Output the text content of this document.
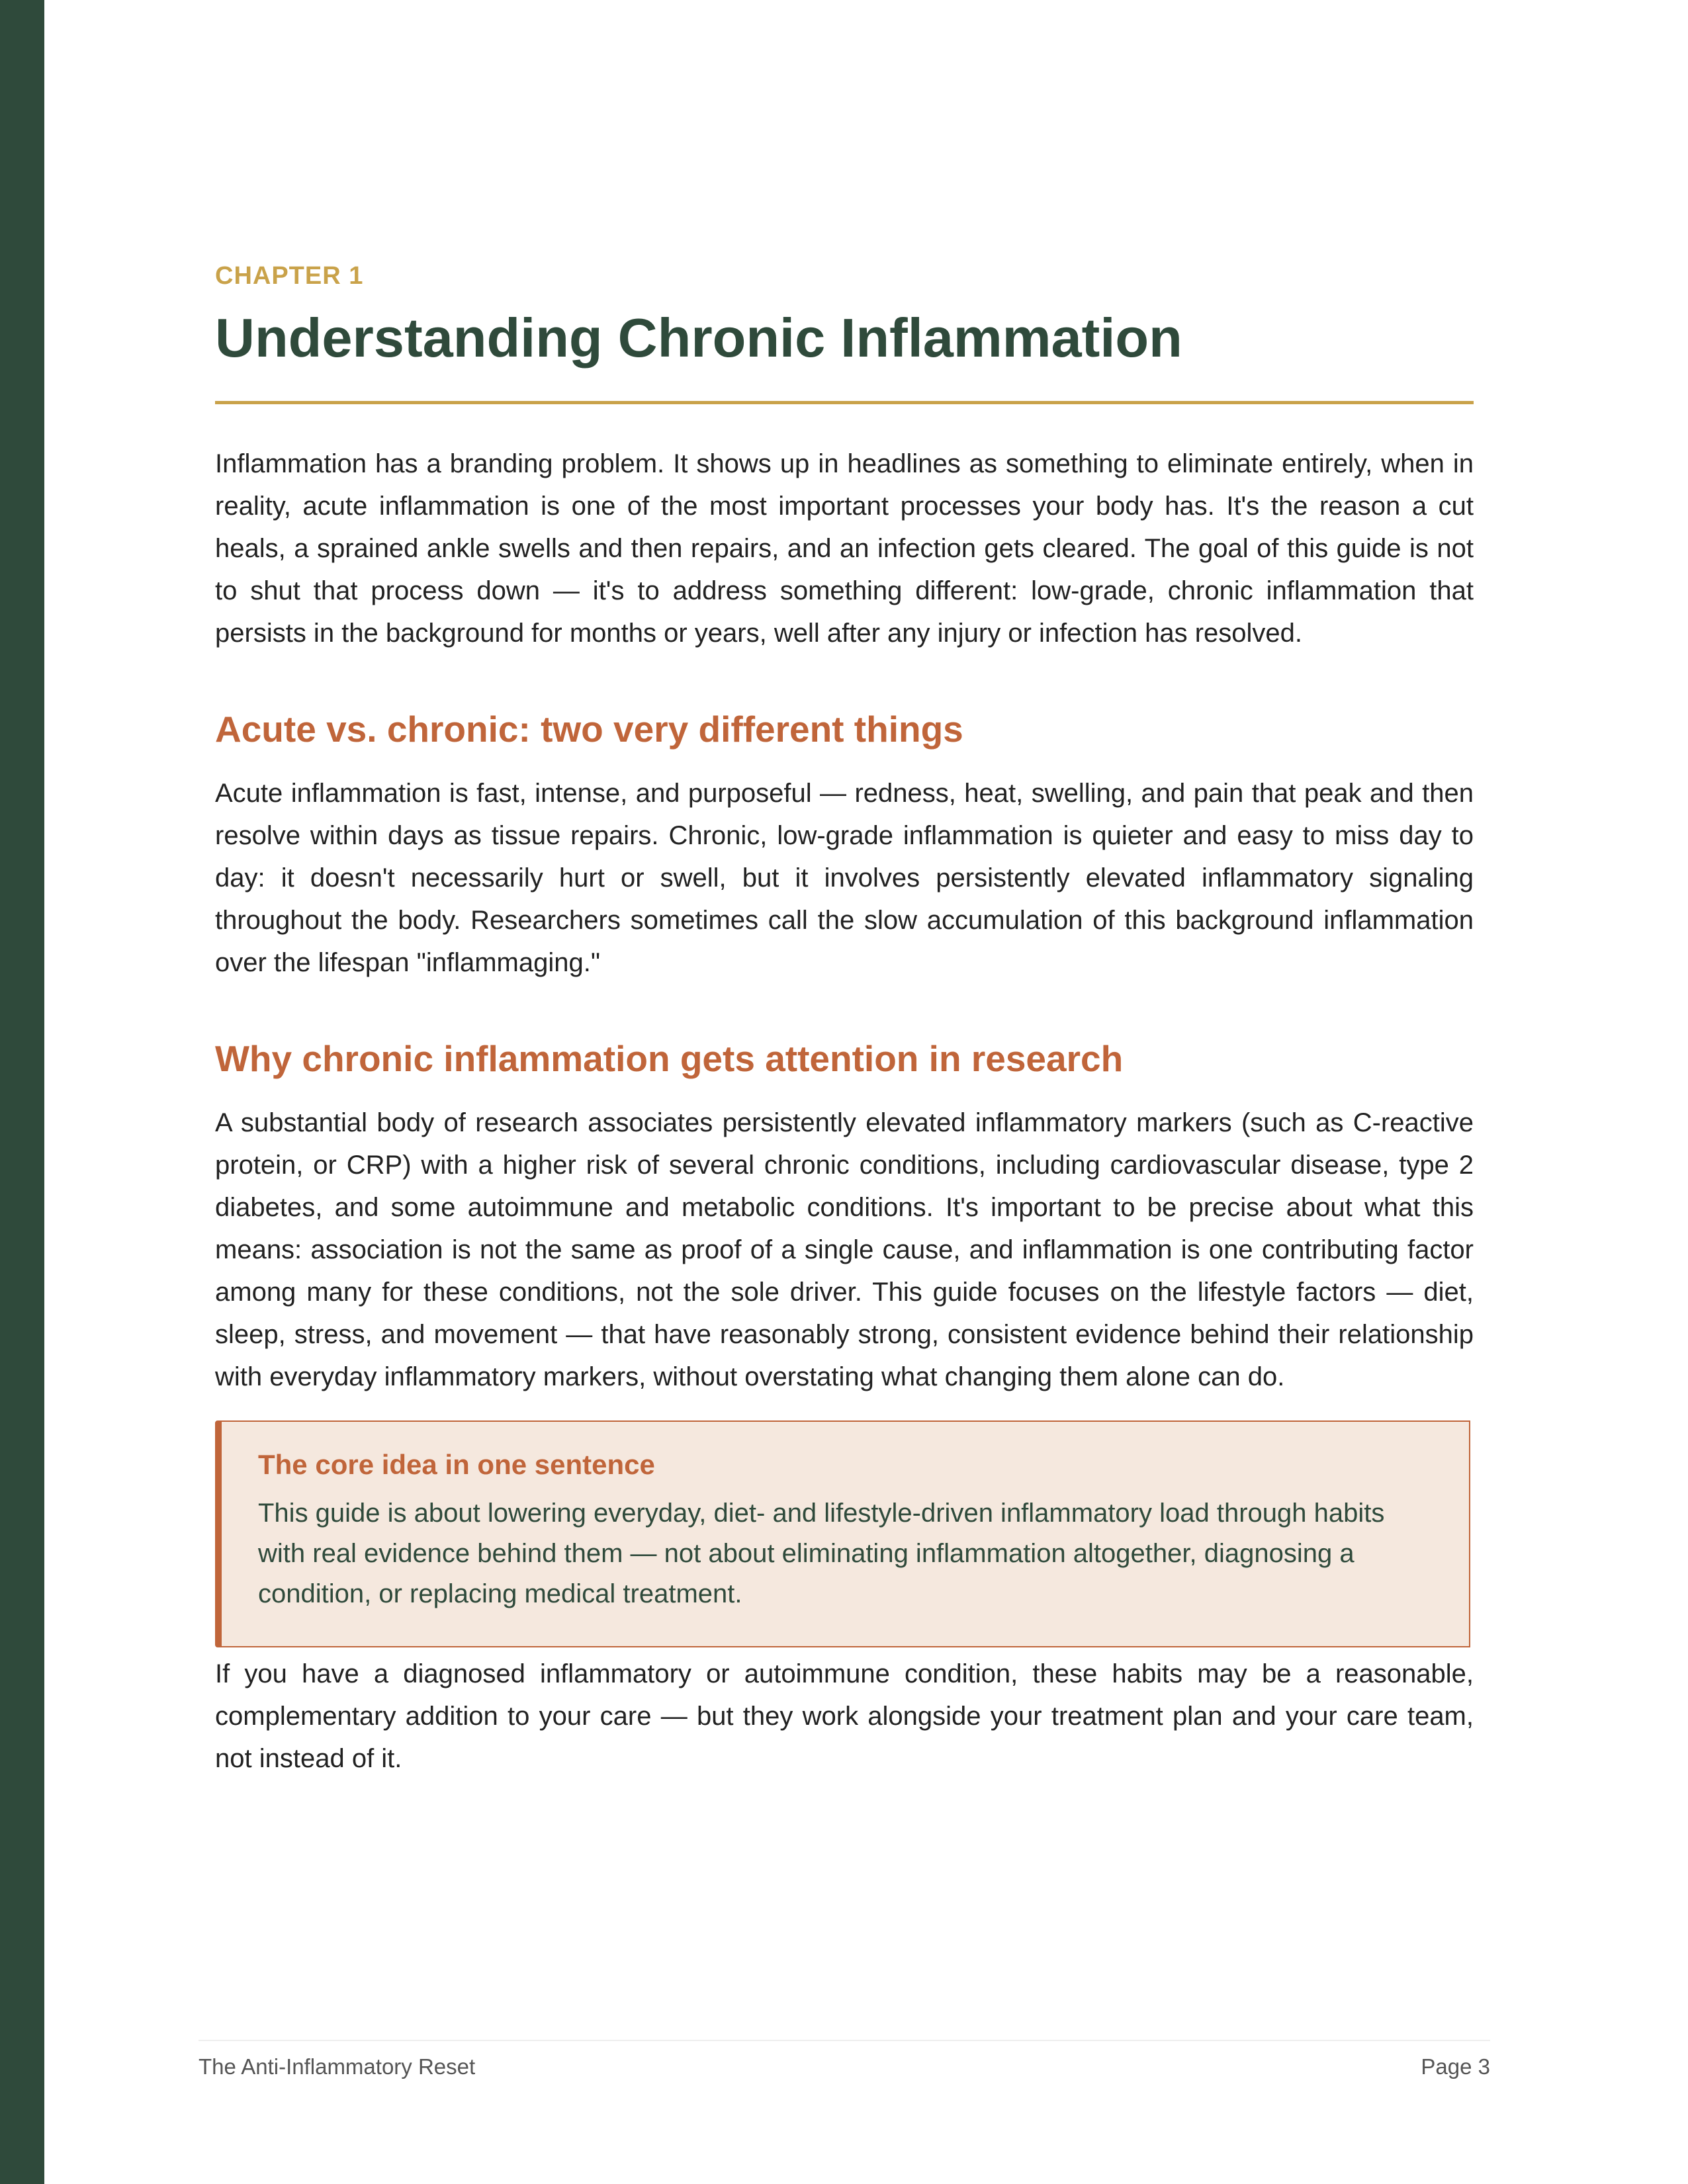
CHAPTER 1

Understanding Chronic Inflammation

Inflammation has a branding problem. It shows up in headlines as something to eliminate entirely, when in reality, acute inflammation is one of the most important processes your body has. It's the reason a cut heals, a sprained ankle swells and then repairs, and an infection gets cleared. The goal of this guide is not to shut that process down — it's to address something different: low-grade, chronic inflammation that persists in the background for months or years, well after any injury or infection has resolved.

Acute vs. chronic: two very different things

Acute inflammation is fast, intense, and purposeful — redness, heat, swelling, and pain that peak and then resolve within days as tissue repairs. Chronic, low-grade inflammation is quieter and easy to miss day to day: it doesn't necessarily hurt or swell, but it involves persistently elevated inflammatory signaling throughout the body. Researchers sometimes call the slow accumulation of this background inflammation over the lifespan "inflammaging."

Why chronic inflammation gets attention in research

A substantial body of research associates persistently elevated inflammatory markers (such as C-reactive protein, or CRP) with a higher risk of several chronic conditions, including cardiovascular disease, type 2 diabetes, and some autoimmune and metabolic conditions. It's important to be precise about what this means: association is not the same as proof of a single cause, and inflammation is one contributing factor among many for these conditions, not the sole driver. This guide focuses on the lifestyle factors — diet, sleep, stress, and movement — that have reasonably strong, consistent evidence behind their relationship with everyday inflammatory markers, without overstating what changing them alone can do.

The core idea in one sentence

This guide is about lowering everyday, diet- and lifestyle-driven inflammatory load through habits with real evidence behind them — not about eliminating inflammation altogether, diagnosing a condition, or replacing medical treatment.

If you have a diagnosed inflammatory or autoimmune condition, these habits may be a reasonable, complementary addition to your care — but they work alongside your treatment plan and your care team, not instead of it.

The Anti-Inflammatory Reset	Page 3
